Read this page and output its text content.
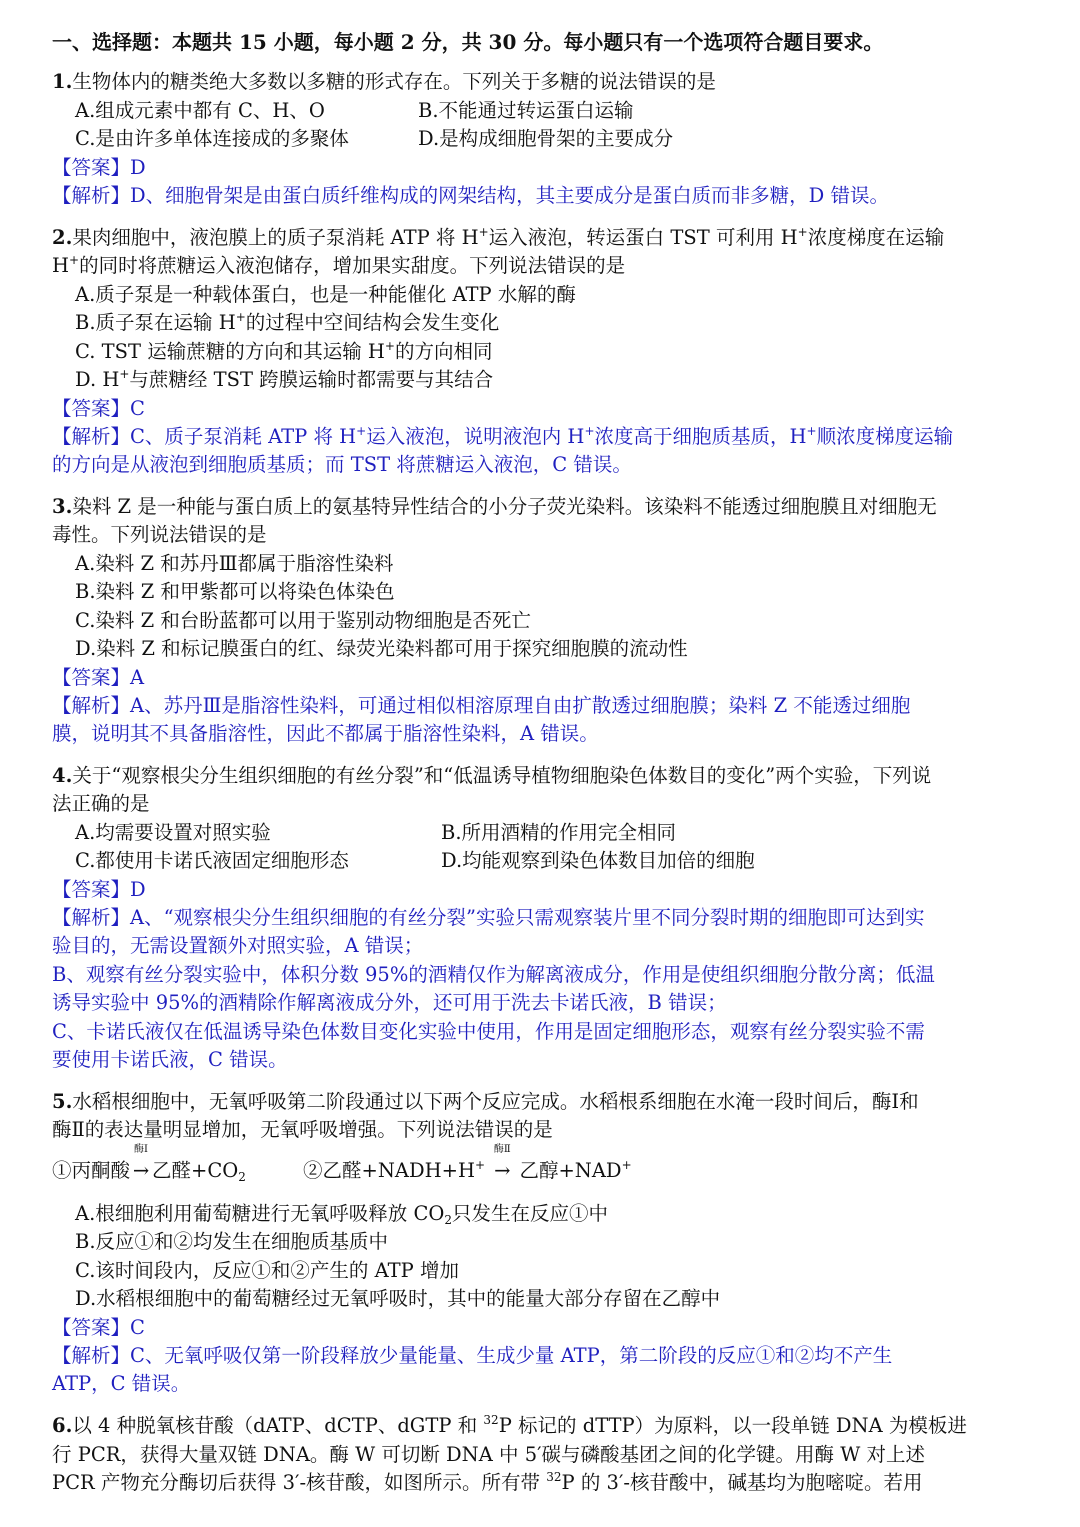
一、选择题：本题共 15 小题，每小题 2 分，共 30 分。每小题只有一个选项符合题目要求。
1.生物体内的糖类绝大多数以多糖的形式存在。下列关于多糖的说法错误的是
A.组成元素中都有 C、H、O	B.不能通过转运蛋白运输
C.是由许多单体连接成的多聚体	D.是构成细胞骨架的主要成分
【答案】D
【解析】D、细胞骨架是由蛋白质纤维构成的网架结构，其主要成分是蛋白质而非多糖，D 错误。
2.果肉细胞中，液泡膜上的质子泵消耗 ATP 将 H+运入液泡，转运蛋白 TST 可利用 H+浓度梯度在运输
H+的同时将蔗糖运入液泡储存，增加果实甜度。下列说法错误的是
A.质子泵是一种载体蛋白，也是一种能催化 ATP 水解的酶
B.质子泵在运输 H+的过程中空间结构会发生变化
C. TST 运输蔗糖的方向和其运输 H+的方向相同
D. H+与蔗糖经 TST 跨膜运输时都需要与其结合
【答案】C
【解析】C、质子泵消耗 ATP 将 H+运入液泡，说明液泡内 H+浓度高于细胞质基质，H+顺浓度梯度运输
的方向是从液泡到细胞质基质；而 TST 将蔗糖运入液泡，C 错误。
3.染料 Z 是一种能与蛋白质上的氨基特异性结合的小分子荧光染料。该染料不能透过细胞膜且对细胞无
毒性。下列说法错误的是
A.染料 Z 和苏丹Ⅲ都属于脂溶性染料
B.染料 Z 和甲紫都可以将染色体染色
C.染料 Z 和台盼蓝都可以用于鉴别动物细胞是否死亡
D.染料 Z 和标记膜蛋白的红、绿荧光染料都可用于探究细胞膜的流动性
【答案】A
【解析】A、苏丹Ⅲ是脂溶性染料，可通过相似相溶原理自由扩散透过细胞膜；染料 Z 不能透过细胞
膜，说明其不具备脂溶性，因此不都属于脂溶性染料，A 错误。
4.关于“观察根尖分生组织细胞的有丝分裂”和“低温诱导植物细胞染色体数目的变化”两个实验，下列说
法正确的是
A.均需要设置对照实验	B.所用酒精的作用完全相同
C.都使用卡诺氏液固定细胞形态	D.均能观察到染色体数目加倍的细胞
【答案】D
【解析】A、“观察根尖分生组织细胞的有丝分裂”实验只需观察装片里不同分裂时期的细胞即可达到实
验目的，无需设置额外对照实验，A 错误；
B、观察有丝分裂实验中，体积分数 95%的酒精仅作为解离液成分，作用是使组织细胞分散分离；低温
诱导实验中 95%的酒精除作解离液成分外，还可用于洗去卡诺氏液，B 错误；
C、卡诺氏液仅在低温诱导染色体数目变化实验中使用，作用是固定细胞形态，观察有丝分裂实验不需
要使用卡诺氏液，C 错误。
5.水稻根细胞中，无氧呼吸第二阶段通过以下两个反应完成。水稻根系细胞在水淹一段时间后，酶Ⅰ和
酶Ⅱ的表达量明显增加，无氧呼吸增强。下列说法错误的是
①丙酮酸
酶Ⅰ
→ 乙醛$+CO_2$	②乙醛+NADH+H+
酶Ⅱ
→ 乙醇+NAD+
A.根细胞利用葡萄糖进行无氧呼吸释放 $CO_2$只发生在反应①中
B.反应①和②均发生在细胞质基质中
C.该时间段内，反应①和②产生的 ATP 增加
D.水稻根细胞中的葡萄糖经过无氧呼吸时，其中的能量大部分存留在乙醇中
【答案】C
【解析】C、无氧呼吸仅第一阶段释放少量能量、生成少量 ATP，第二阶段的反应①和②均不产生
ATP，C 错误。
6.以 4 种脱氧核苷酸（dATP、dCTP、dGTP 和 $^{32}$P 标记的 dTTP）为原料，以一段单链 DNA 为模板进
行 PCR，获得大量双链 DNA。酶 W 可切断 DNA 中 5′碳与磷酸基团之间的化学键。用酶 W 对上述
PCR 产物充分酶切后获得 3′-核苷酸，如图所示。所有带 $^{32}$P 的 3′-核苷酸中，碱基均为胞嘧啶。若用
